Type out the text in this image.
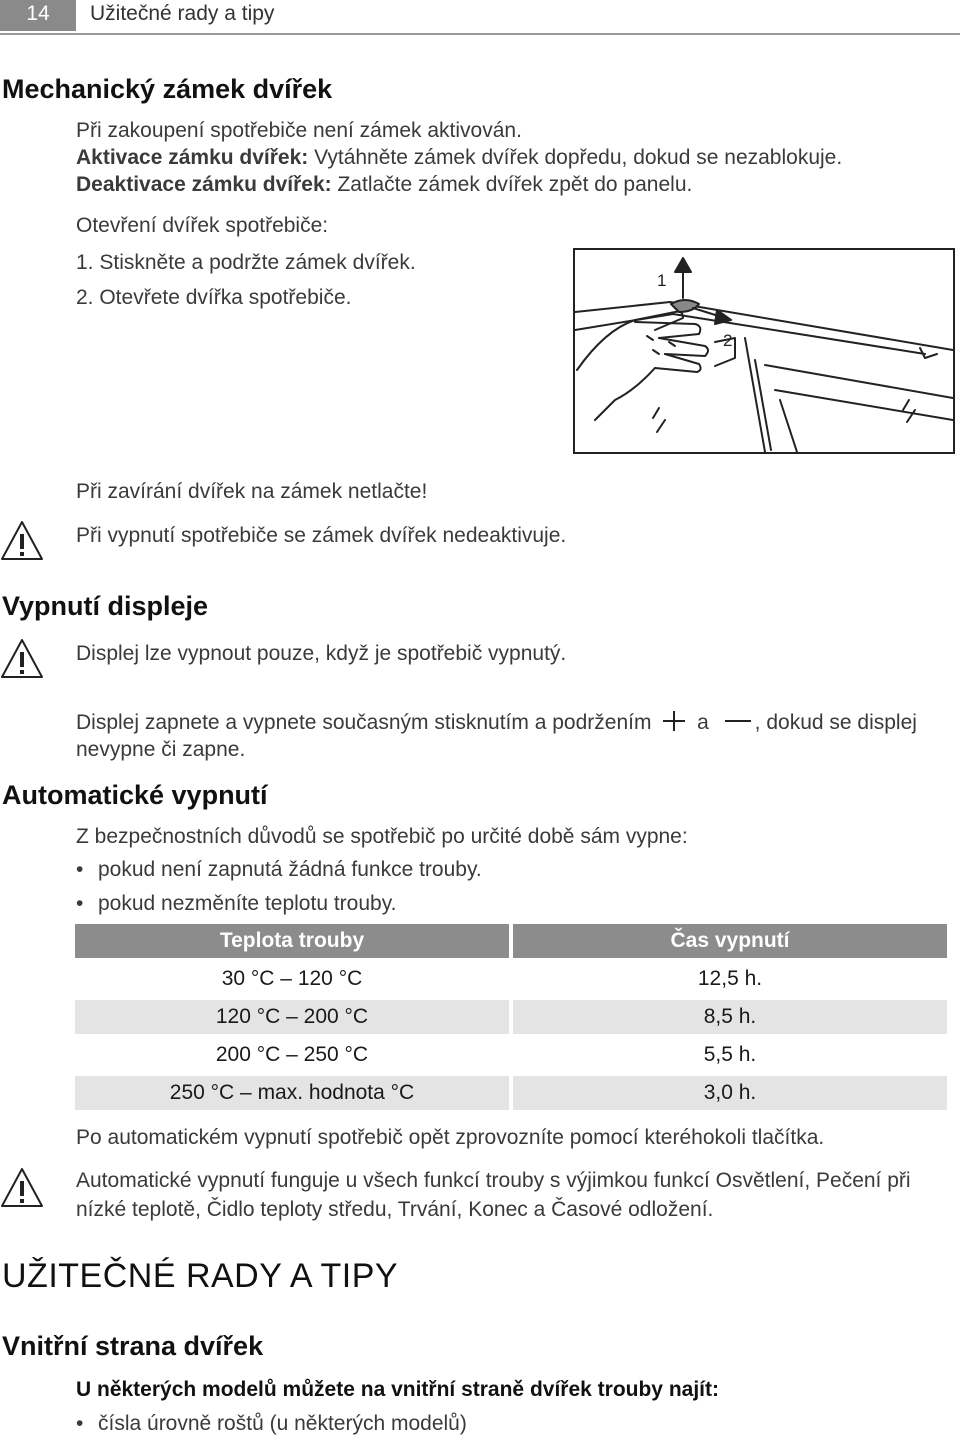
14	Užitečné rady a tipy
Mechanický zámek dvířek
Při zakoupení spotřebiče není zámek aktivován.
Aktivace zámku dvířek: Vytáhněte zámek dvířek dopředu, dokud se nezablokuje.
Deaktivace zámku dvířek: Zatlačte zámek dvířek zpět do panelu.
Otevření dvířek spotřebiče:
1. Stiskněte a podržte zámek dvířek.
2. Otevřete dvířka spotřebiče.
1
2
Při zavírání dvířek na zámek netlačte!
Při vypnutí spotřebiče se zámek dvířek nedeaktivuje.
Vypnutí displeje
Displej lze vypnout pouze, když je spotřebič vypnutý.
Displej zapnete a vypnete současným stisknutím a podržením a , dokud se displej
nevypne či zapne.
Automatické vypnutí
Z bezpečnostních důvodů se spotřebič po určité době sám vypne:
• pokud není zapnutá žádná funkce trouby.
• pokud nezměníte teplotu trouby.
Teplota trouby	Čas vypnutí
30 °C – 120 °C	12,5 h.
120 °C – 200 °C	8,5 h.
200 °C – 250 °C	5,5 h.
250 °C – max. hodnota °C	3,0 h.
Po automatickém vypnutí spotřebič opět zprovozníte pomocí kteréhokoli tlačítka.
Automatické vypnutí funguje u všech funkcí trouby s výjimkou funkcí Osvětlení, Pečení při
nízké teplotě, Čidlo teploty středu, Trvání, Konec a Časové odložení.
UŽITEČNÉ RADY A TIPY
Vnitřní strana dvířek
U některých modelů můžete na vnitřní straně dvířek trouby najít:
• čísla úrovně roštů (u některých modelů)
